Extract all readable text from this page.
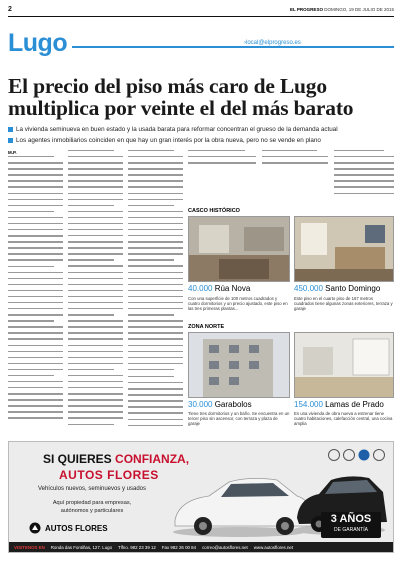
2	EL PROGRESO DOMINGO, 19 DE JULIO DE 2015
Lugo	›local@elprogreso.es
El precio del piso más caro de Lugo multiplica por veinte el del más barato
La vivienda seminueva en buen estado y la usada barata para reformar concentran el grueso de la demanda actual
Los agentes inmobiliarios coinciden en que hay un gran interés por la obra nueva, pero no se vende en plano
M.P.
CASCO HISTÓRICO
40.000 Rúa Nova	450.000 Santo Domingo
Con una superficie de 100 metros cuadrados y cuatro dormitorios y un precio ajustado, este piso en las tres primeras plantas...
Este piso en el cuarto piso de 167 metros cuadrados tiene algunas zonas exteriores, terraza y garaje
ZONA NORTE
30.000 Garabolos	154.000 Lamas de Prado
Tiene tres dormitorios y un baño. Se encuentra en un tercer piso sin ascensor, con terraza y plaza de garaje
Es una vivienda de obra nueva a estrenar tiene cuatro habitaciones, calefacción central, una cocina amplia
SI QUIERES CONFIANZA,
AUTOS FLORES
Vehículos nuevos, seminuevos y usados
Aquí propiedad para empresas,
autónomos y particulares
AUTOS FLORES
3 AÑOS
DE GARANTÍA
VISITENOS EN Ronda das Fontiñas, 127. Lugo Tlfno. 982 23 39 12 Fax 982 26 00 84 correo@autosflores.net www.autosflores.net
